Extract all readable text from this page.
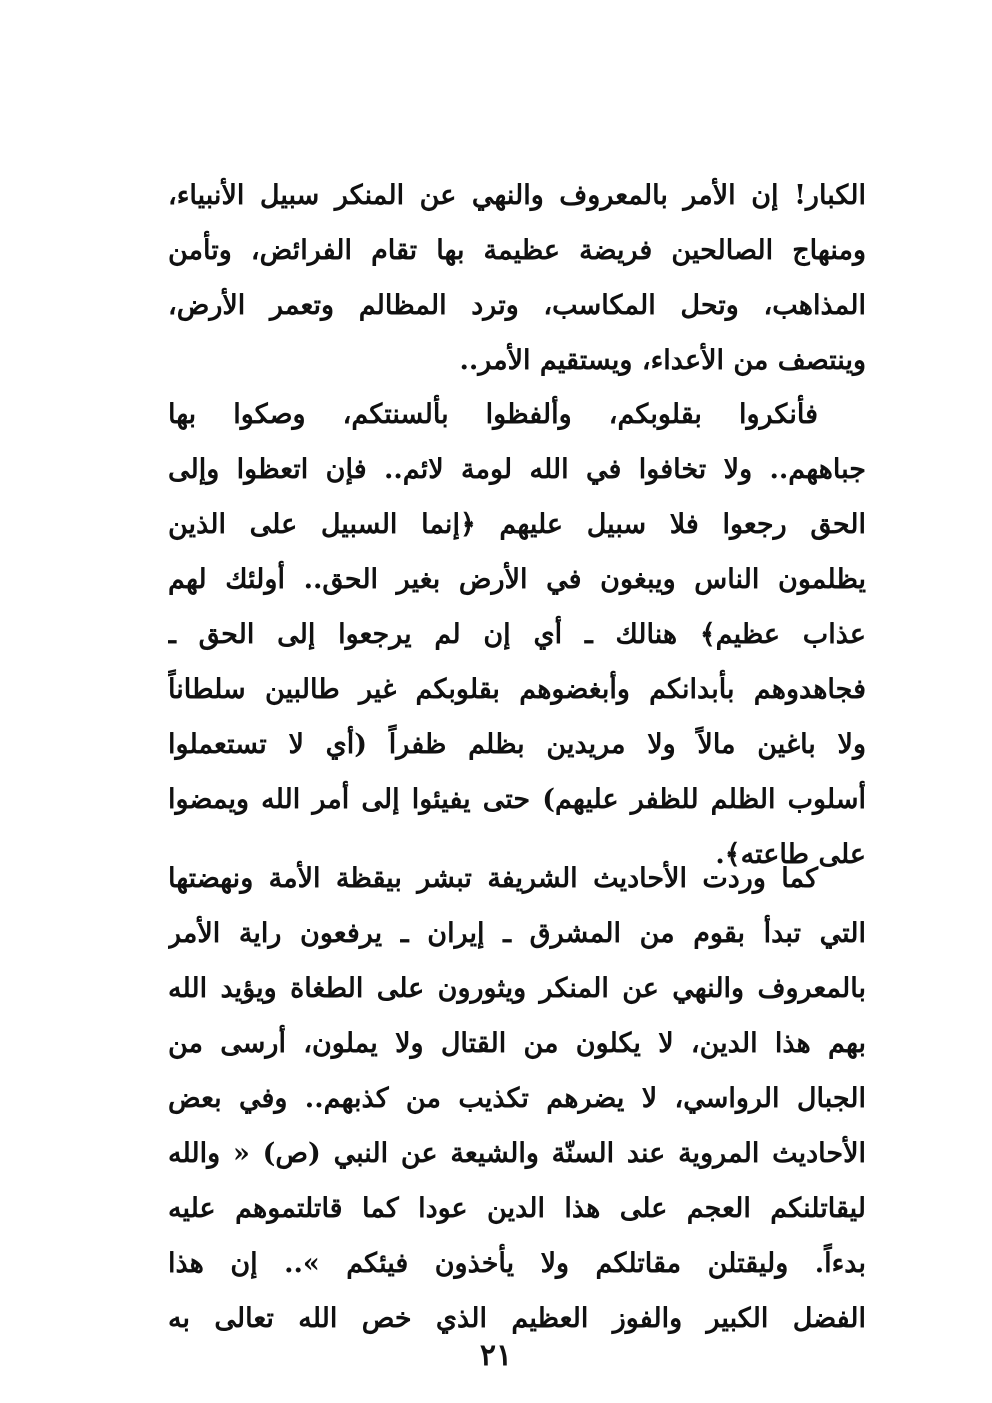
الكبار! إن الأمر بالمعروف والنهي عن المنكر سبيل الأنبياء،
ومنهاج الصالحين فريضة عظيمة بها تقام الفرائض، وتأمن
المذاهب، وتحل المكاسب، وترد المظالم وتعمر الأرض،
وينتصف من الأعداء، ويستقيم الأمر..
فأنكروا بقلوبكم، وألفظوا بألسنتكم، وصكوا بها
جباههم.. ولا تخافوا في الله لومة لائم.. فإن اتعظوا وإلى
الحق رجعوا فلا سبيل عليهم ﴿إنما السبيل على الذين
يظلمون الناس ويبغون في الأرض بغير الحق.. أولئك لهم
عذاب عظيم﴾ هنالك ـ أي إن لم يرجعوا إلى الحق ـ
فجاهدوهم بأبدانكم وأبغضوهم بقلوبكم غير طالبين سلطاناً
ولا باغين مالاً ولا مريدين بظلم ظفراً (أي لا تستعملوا
أسلوب الظلم للظفر عليهم) حتى يفيئوا إلى أمر الله ويمضوا
على طاعته﴾.
كما وردت الأحاديث الشريفة تبشر بيقظة الأمة ونهضتها
التي تبدأ بقوم من المشرق ـ إيران ـ يرفعون راية الأمر
بالمعروف والنهي عن المنكر ويثورون على الطغاة ويؤيد الله
بهم هذا الدين، لا يكلون من القتال ولا يملون، أرسى من
الجبال الرواسي، لا يضرهم تكذيب من كذبهم.. وفي بعض
الأحاديث المروية عند السنّة والشيعة عن النبي (ص) « والله
ليقاتلنكم العجم على هذا الدين عودا كما قاتلتموهم عليه
بدءاً. وليقتلن مقاتلكم ولا يأخذون فيئكم ».. إن هذا
الفضل الكبير والفوز العظيم الذي خص الله تعالى به
٢١
